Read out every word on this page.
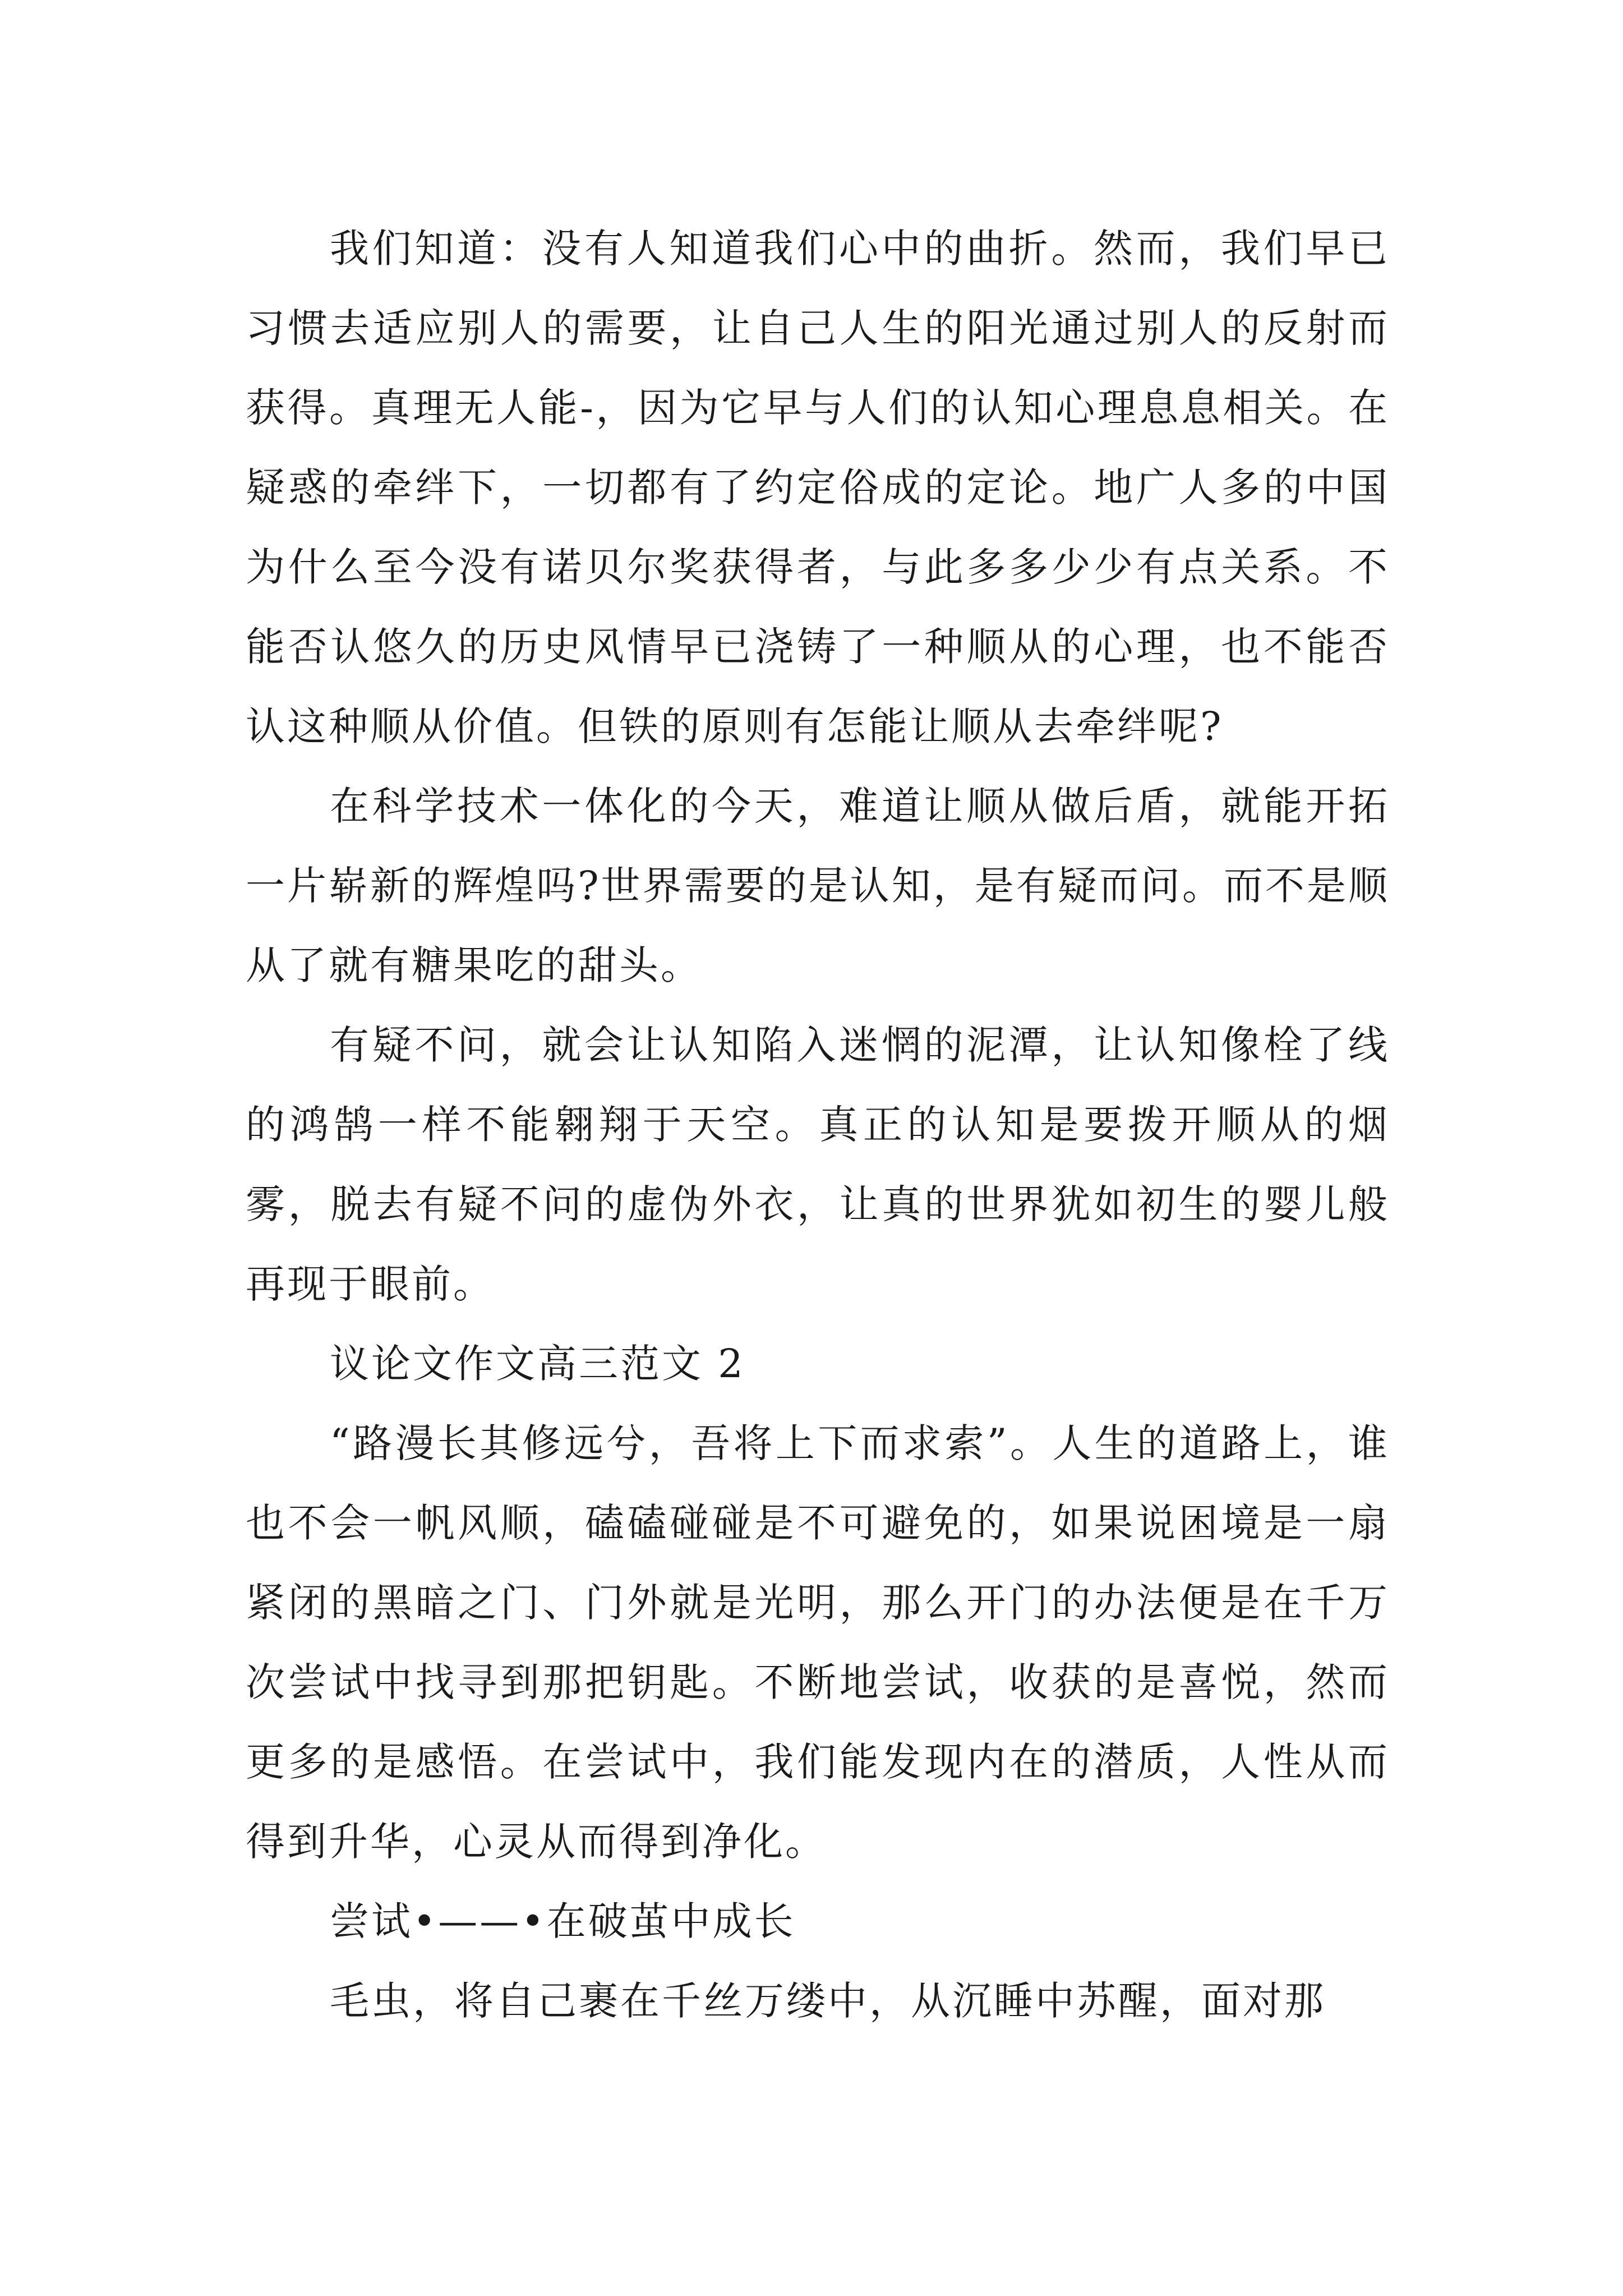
我们知道：没有人知道我们心中的曲折。然而，我们早已习惯去适应别人的需要，让自己人生的阳光通过别人的反射而获得。真理无人能-，因为它早与人们的认知心理息息相关。在疑惑的牵绊下，一切都有了约定俗成的定论。地广人多的中国为什么至今没有诺贝尔奖获得者，与此多多少少有点关系。不能否认悠久的历史风情早已浇铸了一种顺从的心理，也不能否认这种顺从价值。但铁的原则有怎能让顺从去牵绊呢?

在科学技术一体化的今天，难道让顺从做后盾，就能开拓一片崭新的辉煌吗?世界需要的是认知，是有疑而问。而不是顺从了就有糖果吃的甜头。

有疑不问，就会让认知陷入迷惘的泥潭，让认知像栓了线的鸿鹄一样不能翱翔于天空。真正的认知是要拨开顺从的烟雾，脱去有疑不问的虚伪外衣，让真的世界犹如初生的婴儿般再现于眼前。

议论文作文高三范文 2

“路漫长其修远兮，吾将上下而求索”。人生的道路上，谁也不会一帆风顺，磕磕碰碰是不可避免的，如果说困境是一扇紧闭的黑暗之门、门外就是光明，那么开门的办法便是在千万次尝试中找寻到那把钥匙。不断地尝试，收获的是喜悦，然而更多的是感悟。在尝试中，我们能发现内在的潜质，人性从而得到升华，心灵从而得到净化。

尝试•——•在破茧中成长

毛虫，将自己裹在千丝万缕中，从沉睡中苏醒，面对那
